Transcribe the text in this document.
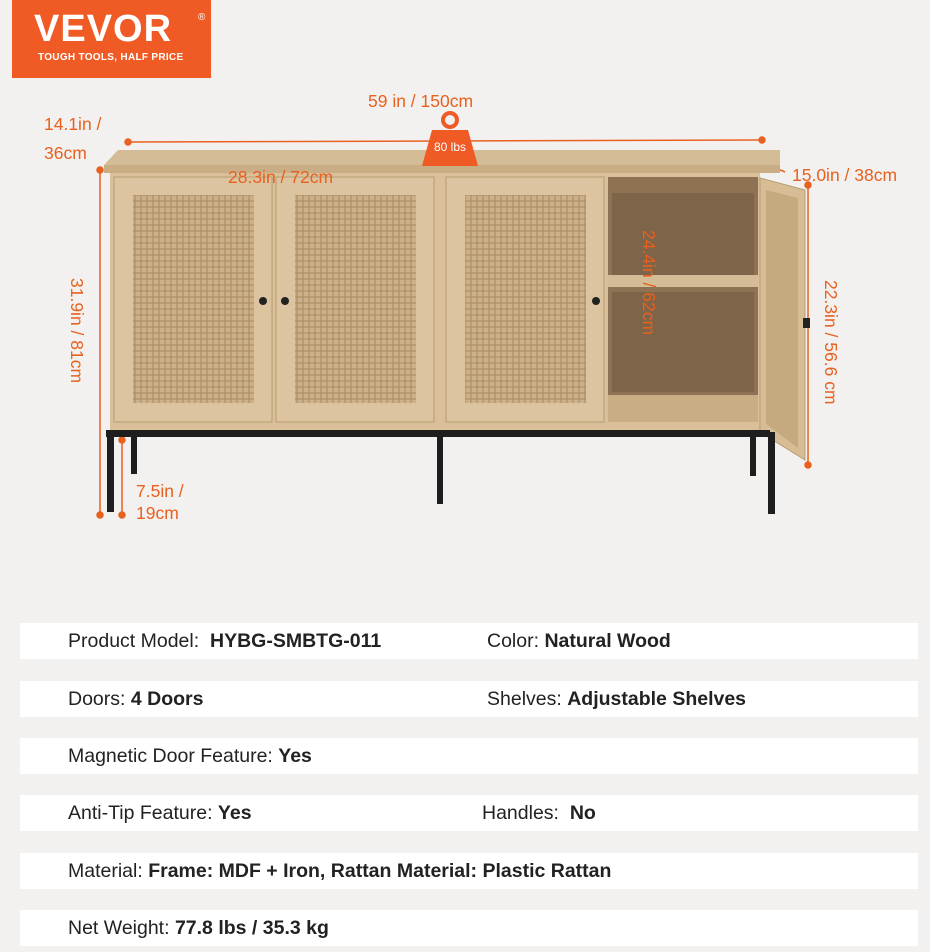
VEVOR	®
TOUGH TOOLS, HALF PRICE
80 lbs
59 in / 150cm
14.1in /
36cm
28.3in / 72cm	15.0in / 38cm
31.9in / 81cm	24.4in / 62cm	22.3in / 56.6 cm
7.5in /
19cm
Product Model: HYBG-SMBTG-011	Color: Natural Wood
Doors: 4 Doors	Shelves: Adjustable Shelves
Magnetic Door Feature: Yes
Anti-Tip Feature: Yes	Handles: No
Material: Frame: MDF + Iron, Rattan Material: Plastic Rattan
Net Weight: 77.8 lbs / 35.3 kg
